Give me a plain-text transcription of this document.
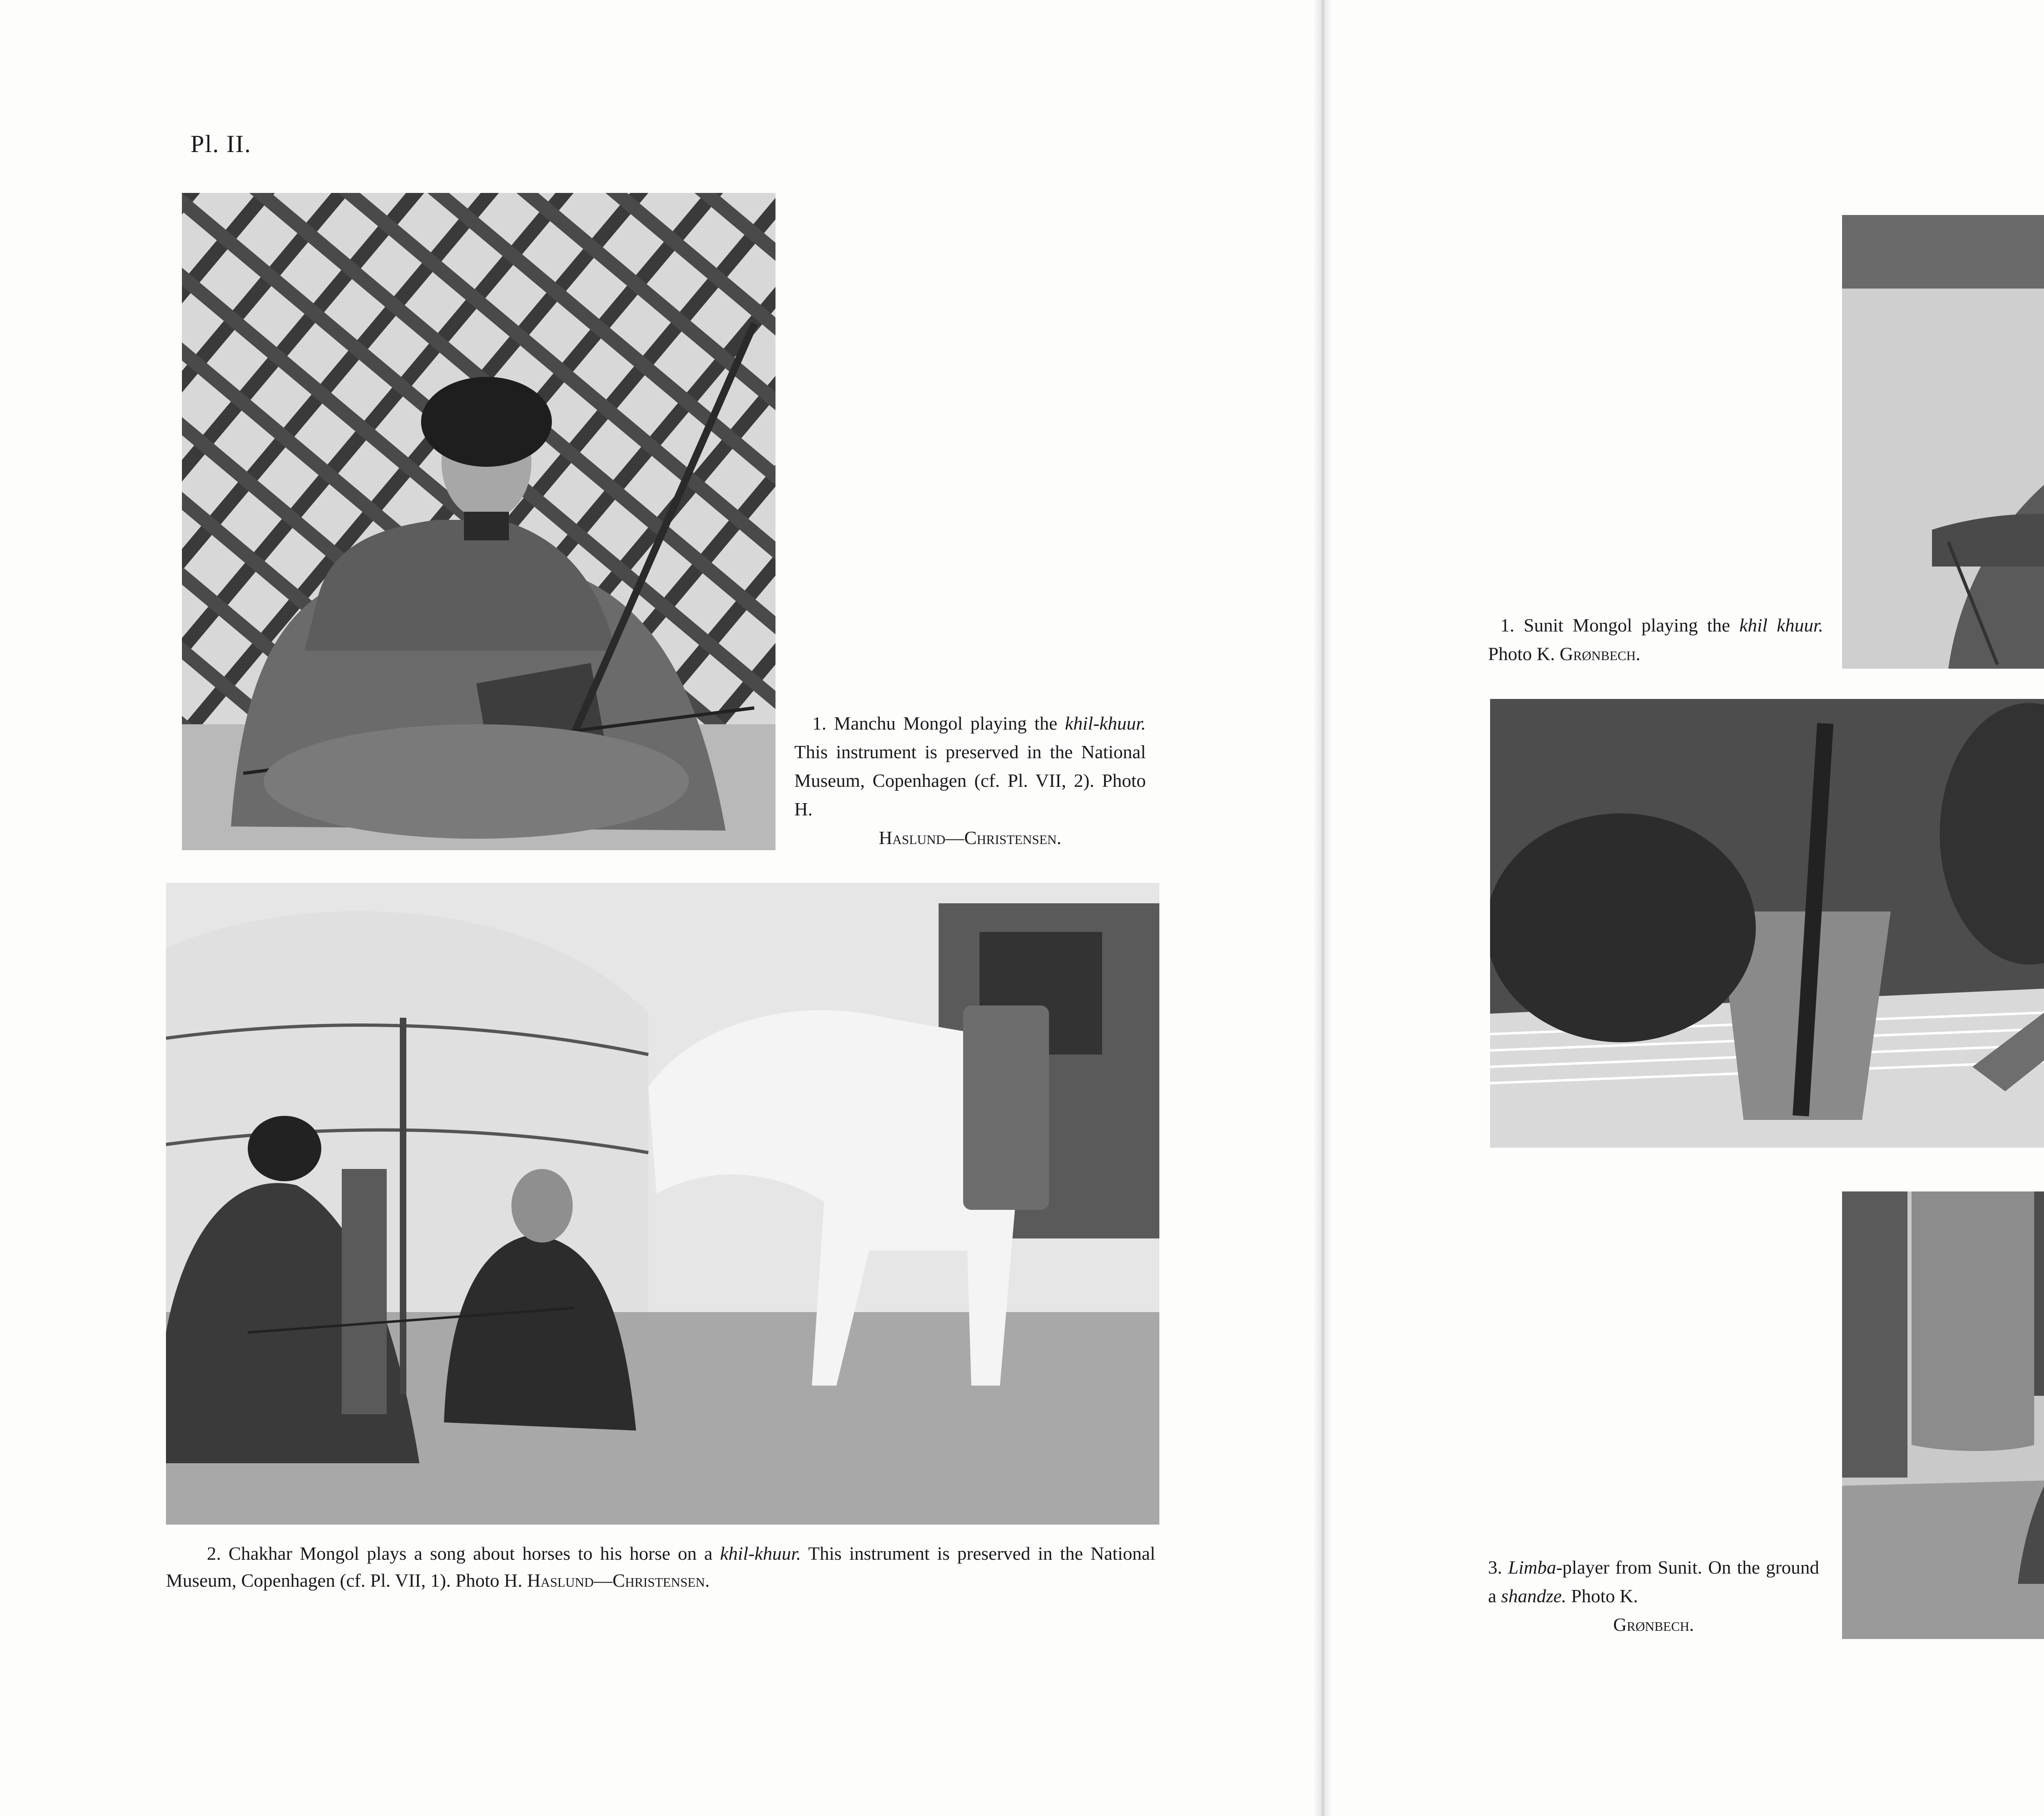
Pl. II.
1. Manchu Mongol playing the khil-khuur. This instrument is preserved in the National Museum, Copenhagen (cf. Pl. VII, 2). Photo H.
Haslund—Christensen.
2. Chakhar Mongol plays a song about horses to his horse on a khil-khuur. This instrument is preserved in the National Museum, Copenhagen (cf. Pl. VII, 1). Photo H. Haslund—Christensen.
1. Sunit Mongol playing the khil khuur. Photo K. Grønbech.
3. Limba-player from Sunit. On the ground a shandze. Photo K.
Grønbech.
